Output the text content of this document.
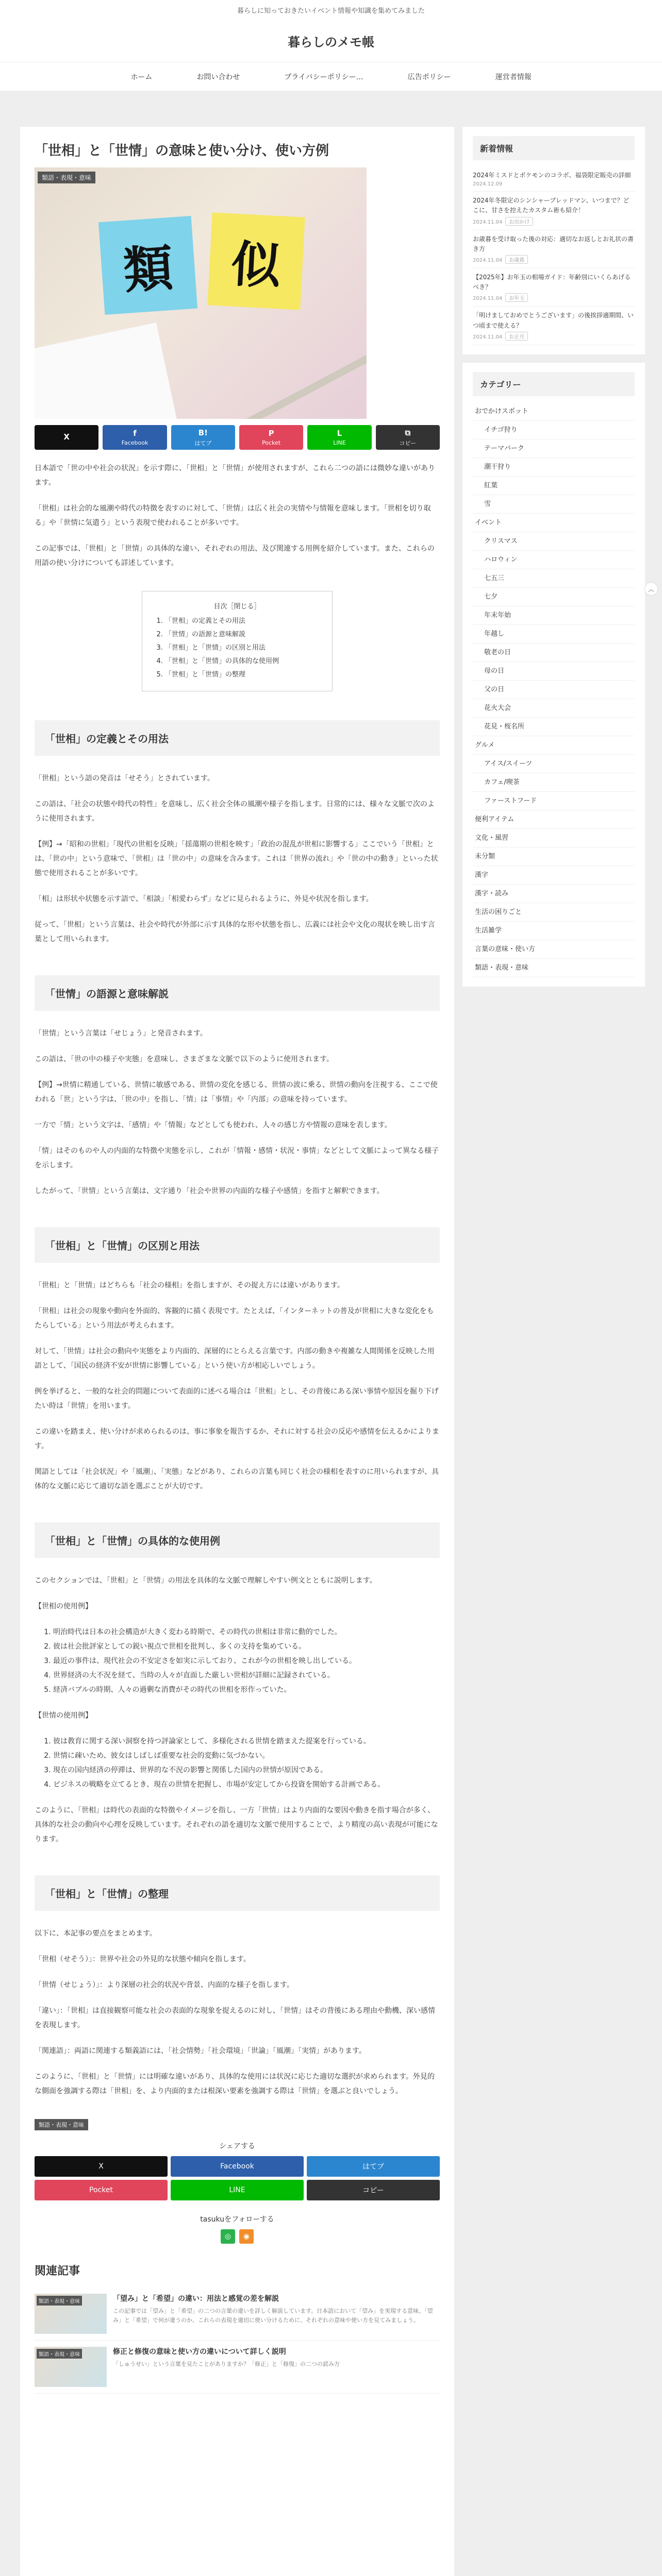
暮らしに知っておきたいイベント情報や知識を集めてみました
暮らしのメモ帳
ホーム	お問い合わせ	プライバシーポリシー…	広告ポリシー	運営者情報
「世相」と「世情」の意味と使い分け、使い方例
類	似
類語・表現・意味
X	f
Facebook
B!
はてブ
P
Pocket
L
LINE
⧉
コピー

日本語で「世の中や社会の状況」を示す際に、「世相」と「世情」が使用されますが、これら二つの語には微妙な違いがあります。

「世相」は社会的な風潮や時代の特徴を表すのに対して、「世情」は広く社会の実情や与情報を意味します。「世相を切り取る」や「世情に気遣う」という表現で使われることが多いです。

この記事では、「世相」と「世情」の具体的な違い、それぞれの用法、及び関連する用例を紹介しています。また、これらの用語の使い分けについても詳述しています。

目次［閉じる］
1. 「世相」の定義とその用法
2. 「世情」の語源と意味解説
3. 「世相」と「世情」の区別と用法
4. 「世相」と「世情」の具体的な使用例
5. 「世相」と「世情」の整理
「世相」の定義とその用法

「世相」という語の発音は「せそう」とされています。

この語は、「社会の状態や時代の特性」を意味し、広く社会全体の風潮や様子を指します。日常的には、様々な文脈で次のように使用されます。

【例】→「昭和の世相」「現代の世相を反映」「揺蕩期の世相を映す」「政治の混乱が世相に影響する」ここでいう「世相」とは、「世の中」という意味で、「世相」は「世の中」の意味を含みます。これは「世界の流れ」や「世の中の動き」といった状態で使用されることが多いです。

「相」は形状や状態を示す語で、「相談」「相愛わらず」などに見られるように、外見や状況を指します。

従って、「世相」という言葉は、社会や時代が外部に示す具体的な形や状態を指し、広義には社会や文化の現状を映し出す言葉として用いられます。

「世情」の語源と意味解説

「世情」という言葉は「せじょう」と発音されます。

この語は、「世の中の様子や実態」を意味し、さまざまな文脈で以下のように使用されます。

【例】→世情に精通している、世情に敏感である、世情の変化を感じる、世情の波に乗る、世情の動向を注視する、ここで使われる「世」という字は、「世の中」を指し、「情」は「事情」や「内部」の意味を持っています。

一方で「情」という文字は、「感情」や「情報」などとしても使われ、人々の感じ方や情報の意味を表します。

「情」はそのものや人の内面的な特徴や実態を示し、これが「情報・感情・状況・事情」などとして文脈によって異なる様子を示します。

したがって、「世情」という言葉は、文字通り「社会や世界の内面的な様子や感情」を指すと解釈できます。

「世相」と「世情」の区別と用法

「世相」と「世情」はどちらも「社会の様相」を指しますが、その捉え方には違いがあります。

「世相」は社会の現象や動向を外面的、客観的に描く表現です。たとえば、「インターネットの普及が世相に大きな変化をもたらしている」という用法が考えられます。

対して、「世情」は社会の動向や実態をより内面的、深層的にとらえる言葉です。内部の動きや複雑な人間関係を反映した用語として、「国民の経済不安が世情に影響している」という使い方が相応しいでしょう。

例を挙げると、一般的な社会的問題について表面的に述べる場合は「世相」とし、その背後にある深い事情や原因を掘り下げたい時は「世情」を用います。

この違いを踏まえ、使い分けが求められるのは、事に事象を報告するか、それに対する社会の反応や感情を伝えるかによります。

関語としては「社会状況」や「風潮」、「実態」などがあり、これらの言葉も同じく社会の様相を表すのに用いられますが、具体的な文脈に応じて適切な語を選ぶことが大切です。

「世相」と「世情」の具体的な使用例

このセクションでは、「世相」と「世情」の用法を具体的な文脈で理解しやすい例文とともに説明します。

【世相の使用例】

1. 明治時代は日本の社会構造が大きく変わる時期で、その時代の世相は非常に動的でした。
2. 彼は社会批評家としての鋭い視点で世相を批判し、多くの支持を集めている。
3. 最近の事件は、現代社会の不安定さを如実に示しており、これが今の世相を映し出している。
4. 世界経済の大不況を経て、当時の人々が直面した厳しい世相が詳細に記録されている。
5. 経済バブルの時期、人々の過剰な消費がその時代の世相を形作っていた。

【世情の使用例】

1. 彼は教育に関する深い洞察を持つ評論家として、多様化される世情を踏まえた提案を行っている。
2. 世情に疎いため、彼女はしばしば重要な社会的変動に気づかない。
3. 現在の国内経済の停滞は、世界的な不況の影響と関係した国内の世情が原因である。
4. ビジネスの戦略を立てるとき、現在の世情を把握し、市場が安定してから投資を開始する計画である。

このように、「世相」は時代の表面的な特徴やイメージを指し、一方「世情」はより内面的な要因や動きを指す場合が多く、具体的な社会の動向や心理を反映しています。それぞれの語を適切な文脈で使用することで、より精度の高い表現が可能になります。

「世相」と「世情」の整理

以下に、本記事の要点をまとめます。

「世相（せそう）」：世界や社会の外見的な状態や傾向を指します。

「世情（せじょう）」：より深層の社会的状況や背景、内面的な様子を指します。

「違い」：「世相」は直接観察可能な社会の表面的な現象を捉えるのに対し、「世情」はその背後にある理由や動機、深い感情を表現します。

「関連語」：両語に関連する類義語には、「社会情勢」「社会環境」「世論」「風潮」「実情」があります。

このように、「世相」と「世情」には明確な違いがあり、具体的な使用には状況に応じた適切な選択が求められます。外見的な側面を強調する際は「世相」を、より内面的または根深い要素を強調する際は「世情」を選ぶと良いでしょう。

類語・表現・意味
シェアする
X	Facebook	はてブ
Pocket	LINE	コピー
tasukuをフォローする
◎	◉
関連記事
類語・表現・意味	「望み」と「希望」の違い：用法と感覚の差を解説
この記事では「望み」と「希望」の二つの言葉の違いを詳しく解説しています。日本語において「望み」を実現する意味、「望み」と「希望」で何が違うのか、これらの表現を適切に使い分けるために、それぞれの意味や使い方を見てみましょう。
類語・表現・意味	修正と修復の意味と使い方の違いについて詳しく説明
「しゅうせい」という言葉を見たことがありますか？「修正」と「修復」の二つの読み方
新着情報
2024年ミスドとポケモンのコラボ、福袋限定販売の詳細
2024.12.09
2024年冬限定のシンシャーブレッドマン、いつまで？どこに、甘さを控えたカスタム術も紹介！
2024.11.04 お出かけ
お歳暮を受け取った後の対応：適切なお返しとお礼状の書き方
2024.11.04 お歳暮
【2025年】お年玉の相場ガイド：年齢別にいくらあげるべき？
2024.11.04 お年玉
「明けましておめでとうございます」の後挨拶適期間、いつ頃まで使える？
2024.11.04 お正月
カテゴリー
おでかけスポット
イチゴ狩り
テーマパーク
潮干狩り
紅葉
雪
イベント
クリスマス
ハロウィン
七五三
七夕
年末年始
年越し
敬老の日
母の日
父の日
花火大会
花見・桜名所
グルメ
アイス/スイーツ
カフェ/喫茶
ファーストフード
便利アイテム
文化・風習
未分類
漢字
漢字・読み
生活の困りごと
生活雑学
言葉の意味・使い方
類語・表現・意味
︽
